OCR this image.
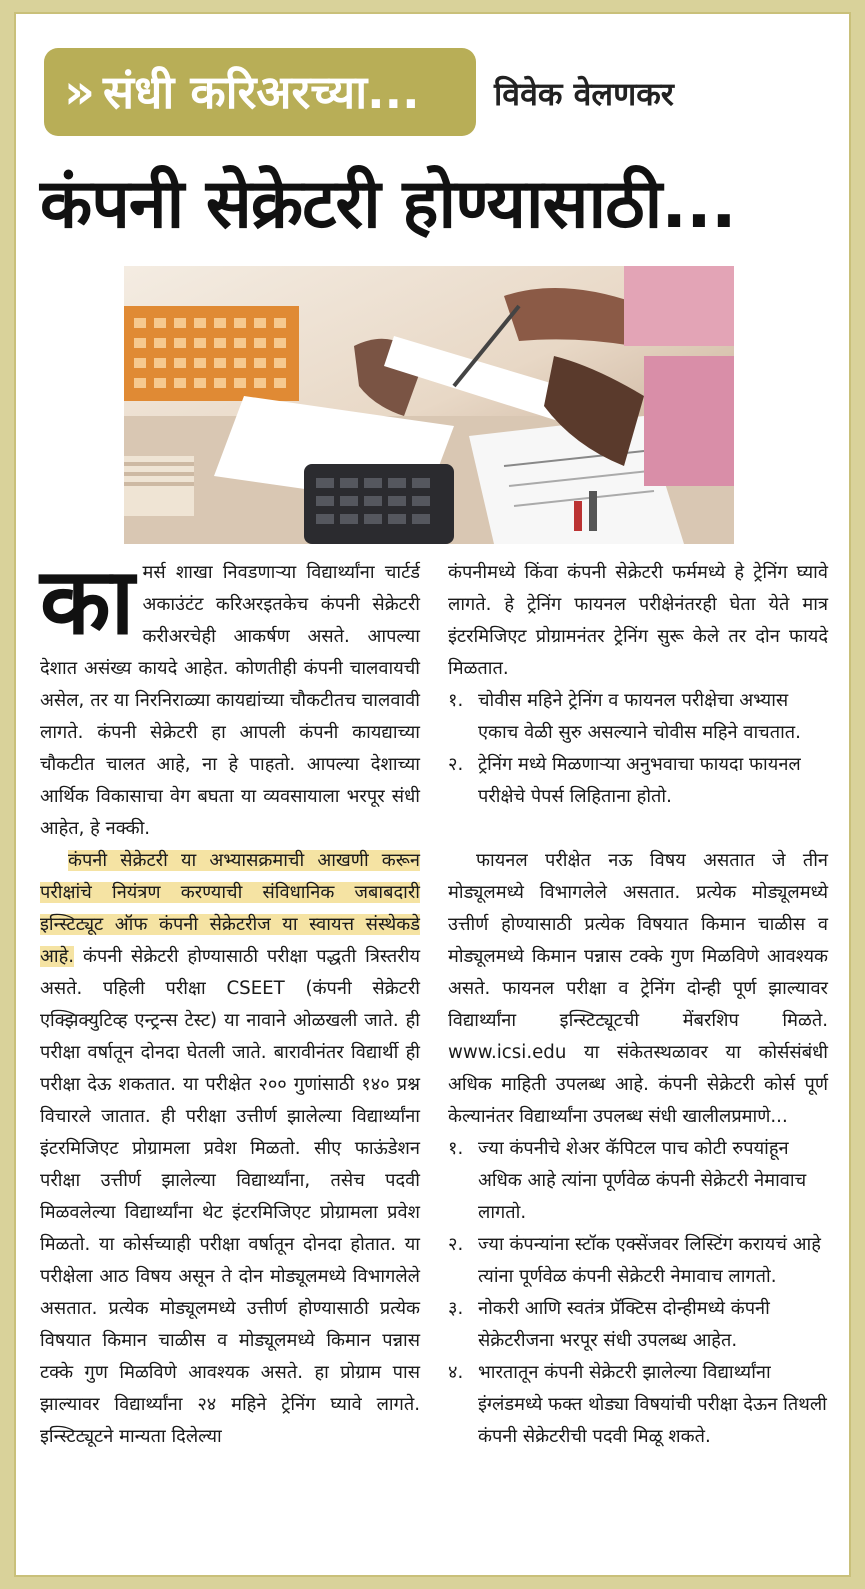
» संधी करिअरच्या...	विवेक वेलणकर
कंपनी सेक्रेटरी होण्यासाठी...

कामर्स शाखा निवडणाऱ्या विद्यार्थ्यांना चार्टर्ड अकाउंटंट करिअरइतकेच कंपनी सेक्रेटरी करीअरचेही आकर्षण असते. आपल्या देशात असंख्य कायदे आहेत. कोणतीही कंपनी चालवायची असेल, तर या निरनिराळ्या कायद्यांच्या चौकटीतच चालवावी लागते. कंपनी सेक्रेटरी हा आपली कंपनी कायद्याच्या चौकटीत चालत आहे, ना हे पाहतो. आपल्या देशाच्या आर्थिक विकासाचा वेग बघता या व्यवसायाला भरपूर संधी आहेत, हे नक्की.

कंपनी सेक्रेटरी या अभ्यासक्रमाची आखणी करून परीक्षांचे नियंत्रण करण्याची संविधानिक जबाबदारी इन्स्टिट्यूट ऑफ कंपनी सेक्रेटरीज या स्वायत्त संस्थेकडे आहे. कंपनी सेक्रेटरी होण्यासाठी परीक्षा पद्धती त्रिस्तरीय असते. पहिली परीक्षा CSEET (कंपनी सेक्रेटरी एक्झिक्युटिव्ह एन्ट्रन्स टेस्ट) या नावाने ओळखली जाते. ही परीक्षा वर्षातून दोनदा घेतली जाते. बारावीनंतर विद्यार्थी ही परीक्षा देऊ शकतात. या परीक्षेत २०० गुणांसाठी १४० प्रश्न विचारले जातात. ही परीक्षा उत्तीर्ण झालेल्या विद्यार्थ्यांना इंटरमिजिएट प्रोग्रामला प्रवेश मिळतो. सीए फाऊंडेशन परीक्षा उत्तीर्ण झालेल्या विद्यार्थ्यांना, तसेच पदवी मिळवलेल्या विद्यार्थ्यांना थेट इंटरमिजिएट प्रोग्रामला प्रवेश मिळतो. या कोर्सच्याही परीक्षा वर्षातून दोनदा होतात. या परीक्षेला आठ विषय असून ते दोन मोड्यूलमध्ये विभागलेले असतात. प्रत्येक मोड्यूलमध्ये उत्तीर्ण होण्यासाठी प्रत्येक विषयात किमान चाळीस व मोड्यूलमध्ये किमान पन्नास टक्के गुण मिळविणे आवश्यक असते. हा प्रोग्राम पास झाल्यावर विद्यार्थ्यांना २४ महिने ट्रेनिंग घ्यावे लागते. इन्स्टिट्यूटने मान्यता दिलेल्या

कंपनीमध्ये किंवा कंपनी सेक्रेटरी फर्ममध्ये हे ट्रेनिंग घ्यावे लागते. हे ट्रेनिंग फायनल परीक्षेनंतरही घेता येते मात्र इंटरमिजिएट प्रोग्रामनंतर ट्रेनिंग सुरू केले तर दोन फायदे मिळतात.

१. चोवीस महिने ट्रेनिंग व फायनल परीक्षेचा अभ्यास एकाच वेळी सुरु असल्याने चोवीस महिने वाचतात.
२. ट्रेनिंग मध्ये मिळणाऱ्या अनुभवाचा फायदा फायनल परीक्षेचे पेपर्स लिहिताना होतो.

फायनल परीक्षेत नऊ विषय असतात जे तीन मोड्यूलमध्ये विभागलेले असतात. प्रत्येक मोड्यूलमध्ये उत्तीर्ण होण्यासाठी प्रत्येक विषयात किमान चाळीस व मोड्यूलमध्ये किमान पन्नास टक्के गुण मिळविणे आवश्यक असते. फायनल परीक्षा व ट्रेनिंग दोन्ही पूर्ण झाल्यावर विद्यार्थ्यांना इन्स्टिट्यूटची मेंबरशिप मिळते. www.icsi.edu या संकेतस्थळावर या कोर्ससंबंधी अधिक माहिती उपलब्ध आहे. कंपनी सेक्रेटरी कोर्स पूर्ण केल्यानंतर विद्यार्थ्यांना उपलब्ध संधी खालीलप्रमाणे...

१. ज्या कंपनीचे शेअर कॅपिटल पाच कोटी रुपयांहून अधिक आहे त्यांना पूर्णवेळ कंपनी सेक्रेटरी नेमावाच लागतो.
२. ज्या कंपन्यांना स्टॉक एक्सेंजवर लिस्टिंग करायचं आहे त्यांना पूर्णवेळ कंपनी सेक्रेटरी नेमावाच लागतो.
३. नोकरी आणि स्वतंत्र प्रॅक्टिस दोन्हीमध्ये कंपनी सेक्रेटरीजना भरपूर संधी उपलब्ध आहेत.
४. भारतातून कंपनी सेक्रेटरी झालेल्या विद्यार्थ्यांना इंग्लंडमध्ये फक्त थोड्या विषयांची परीक्षा देऊन तिथली कंपनी सेक्रेटरीची पदवी मिळू शकते.
